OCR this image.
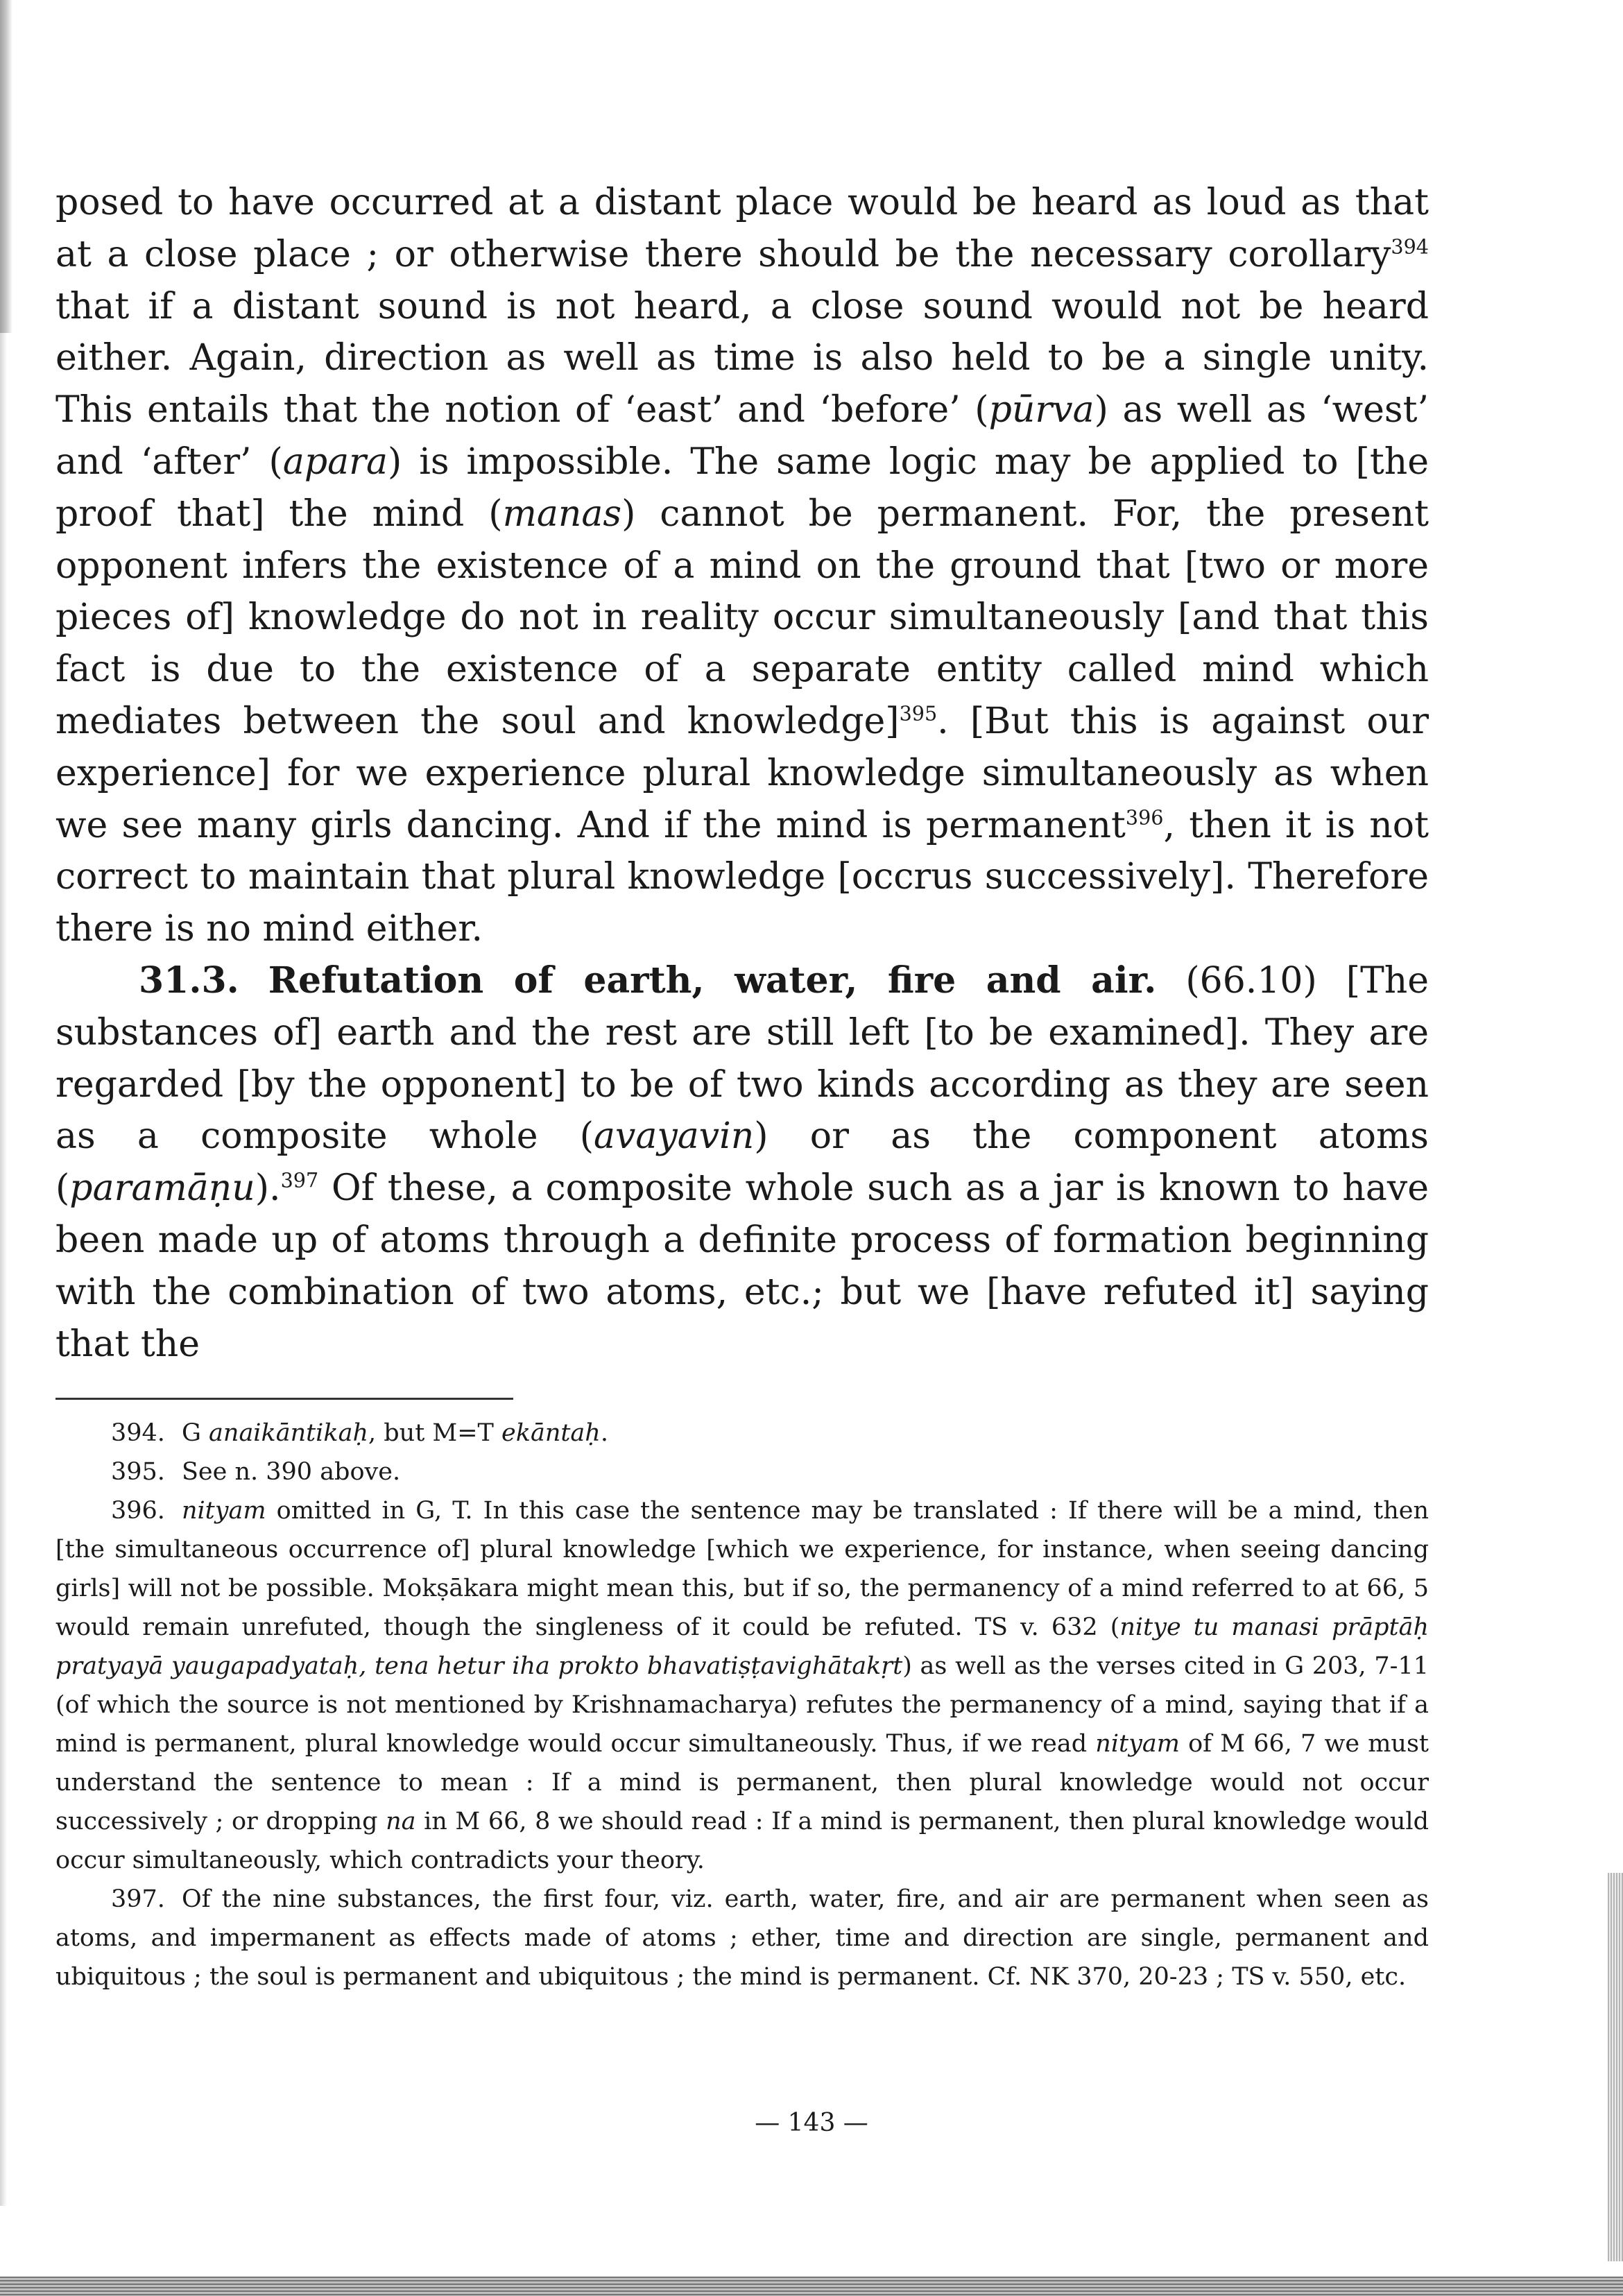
posed to have occurred at a distant place would be heard as loud as that at a close place ; or otherwise there should be the necessary corollary$^{394}$ that if a distant sound is not heard, a close sound would not be heard either. Again, direction as well as time is also held to be a single unity. This entails that the notion of ‘east’ and ‘before’ (pūrva) as well as ‘west’ and ‘after’ (apara) is impossible. The same logic may be applied to [the proof that] the mind (manas) cannot be permanent. For, the present opponent infers the existence of a mind on the ground that [two or more pieces of] knowledge do not in reality occur simultaneously [and that this fact is due to the existence of a separate entity called mind which mediates between the soul and knowledge]$^{395}$. [But this is against our experience] for we experience plural knowledge simultaneously as when we see many girls dancing. And if the mind is permanent$^{396}$, then it is not correct to maintain that plural knowledge [occrus successively]. Therefore there is no mind either.

31.3. Refutation of earth, water, fire and air. (66.10) [The substances of] earth and the rest are still left [to be examined]. They are regarded [by the opponent] to be of two kinds according as they are seen as a composite whole (avayavin) or as the component atoms (paramāṇu).$^{397}$ Of these, a composite whole such as a jar is known to have been made up of atoms through a definite process of formation beginning with the combination of two atoms, etc.; but we [have refuted it] saying that the

394. G anaikāntikaḥ, but M=T ekāntaḥ.

395. See n. 390 above.

396. nityam omitted in G, T. In this case the sentence may be translated : If there will be a mind, then [the simultaneous occurrence of] plural knowledge [which we experience, for instance, when seeing dancing girls] will not be possible. Mokṣākara might mean this, but if so, the permanency of a mind referred to at 66, 5 would remain unrefuted, though the singleness of it could be refuted. TS v. 632 (nitye tu manasi prāptāḥ pratyayā yaugapadyataḥ, tena hetur iha prokto bhavatiṣṭavighātakṛt) as well as the verses cited in G 203, 7-11 (of which the source is not mentioned by Krishnamacharya) refutes the permanency of a mind, saying that if a mind is permanent, plural knowledge would occur simultaneously. Thus, if we read nityam of M 66, 7 we must understand the sentence to mean : If a mind is permanent, then plural knowledge would not occur successively ; or dropping na in M 66, 8 we should read : If a mind is permanent, then plural knowledge would occur simultaneously, which contradicts your theory.

397. Of the nine substances, the first four, viz. earth, water, fire, and air are permanent when seen as atoms, and impermanent as effects made of atoms ; ether, time and direction are single, permanent and ubiquitous ; the soul is permanent and ubiquitous ; the mind is permanent. Cf. NK 370, 20-23 ; TS v. 550, etc.

— 143 —
